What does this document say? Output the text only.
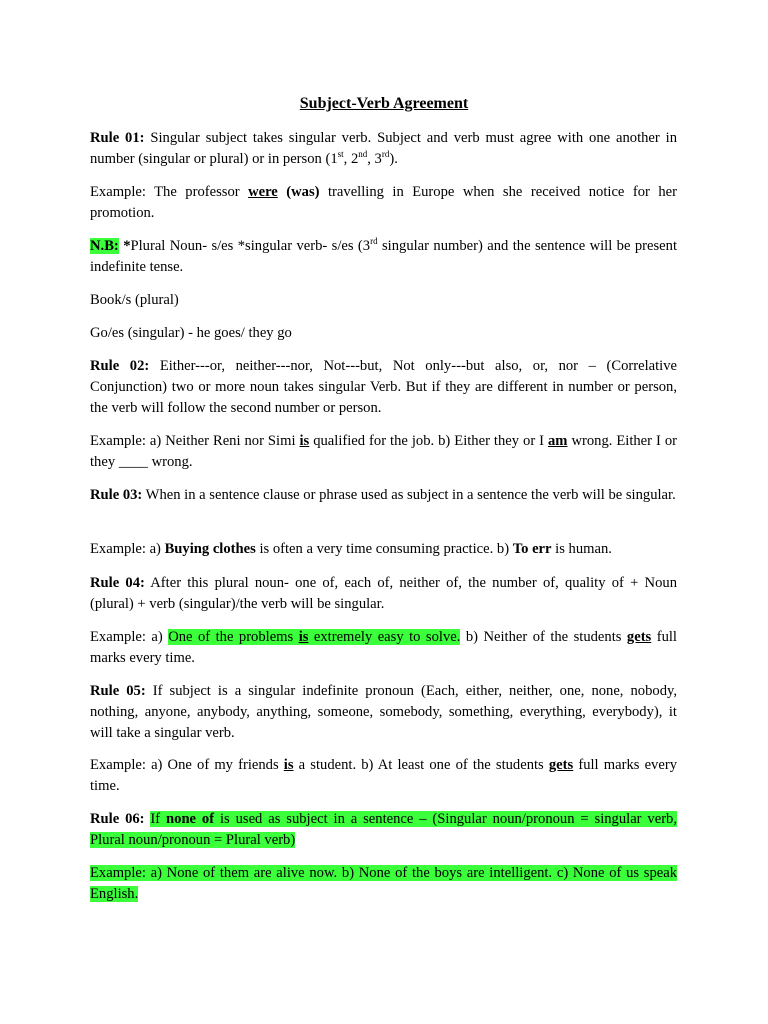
Subject-Verb Agreement

Rule 01: Singular subject takes singular verb. Subject and verb must agree with one another in number (singular or plural) or in person (1st, 2nd, 3rd).

Example: The professor were (was) travelling in Europe when she received notice for her promotion.

N.B: *Plural Noun- s/es *singular verb- s/es (3rd singular number) and the sentence will be present indefinite tense.

Book/s (plural)

Go/es (singular) - he goes/ they go

Rule 02: Either---or, neither---nor, Not---but, Not only---but also, or, nor – (Correlative Conjunction) two or more noun takes singular Verb. But if they are different in number or person, the verb will follow the second number or person.

Example: a) Neither Reni nor Simi is qualified for the job. b) Either they or I am wrong. Either I or they ____ wrong.

Rule 03: When in a sentence clause or phrase used as subject in a sentence the verb will be singular.

Example: a) Buying clothes is often a very time consuming practice. b) To err is human.

Rule 04: After this plural noun- one of, each of, neither of, the number of, quality of + Noun (plural) + verb (singular)/the verb will be singular.

Example: a) One of the problems is extremely easy to solve. b) Neither of the students gets full marks every time.

Rule 05: If subject is a singular indefinite pronoun (Each, either, neither, one, none, nobody, nothing, anyone, anybody, anything, someone, somebody, something, everything, everybody), it will take a singular verb.

Example: a) One of my friends is a student. b) At least one of the students gets full marks every time.

Rule 06: If none of is used as subject in a sentence – (Singular noun/pronoun = singular verb, Plural noun/pronoun = Plural verb)

Example: a) None of them are alive now. b) None of the boys are intelligent. c) None of us speak English.
